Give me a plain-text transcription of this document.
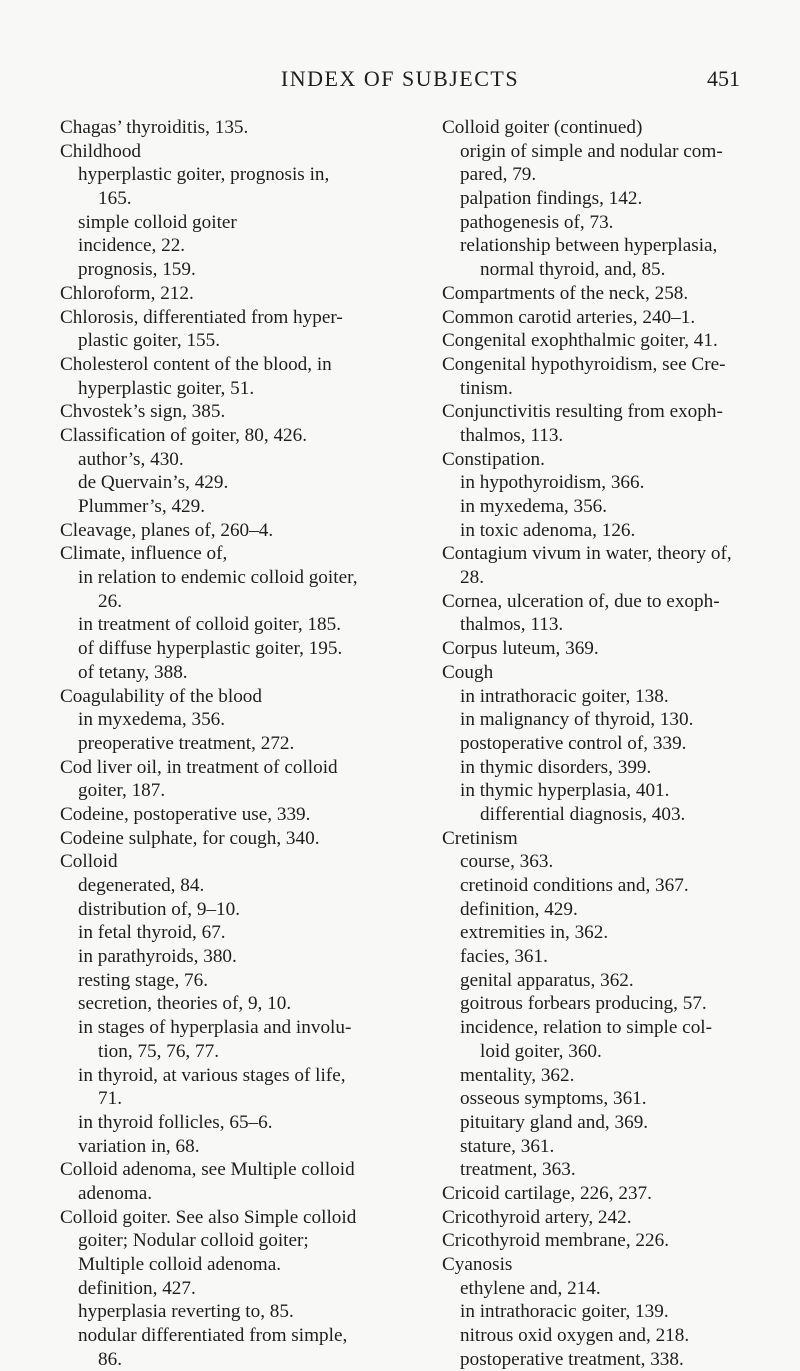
INDEX OF SUBJECTS	451
Chagas’ thyroiditis, 135.
Childhood
hyperplastic goiter, prognosis in,
165.
simple colloid goiter
incidence, 22.
prognosis, 159.
Chloroform, 212.
Chlorosis, differentiated from hyper-
plastic goiter, 155.
Cholesterol content of the blood, in
hyperplastic goiter, 51.
Chvostek’s sign, 385.
Classification of goiter, 80, 426.
author’s, 430.
de Quervain’s, 429.
Plummer’s, 429.
Cleavage, planes of, 260–4.
Climate, influence of,
in relation to endemic colloid goiter,
26.
in treatment of colloid goiter, 185.
of diffuse hyperplastic goiter, 195.
of tetany, 388.
Coagulability of the blood
in myxedema, 356.
preoperative treatment, 272.
Cod liver oil, in treatment of colloid
goiter, 187.
Codeine, postoperative use, 339.
Codeine sulphate, for cough, 340.
Colloid
degenerated, 84.
distribution of, 9–10.
in fetal thyroid, 67.
in parathyroids, 380.
resting stage, 76.
secretion, theories of, 9, 10.
in stages of hyperplasia and involu-
tion, 75, 76, 77.
in thyroid, at various stages of life,
71.
in thyroid follicles, 65–6.
variation in, 68.
Colloid adenoma, see Multiple colloid
adenoma.
Colloid goiter. See also Simple colloid
goiter; Nodular colloid goiter;
Multiple colloid adenoma.
definition, 427.
hyperplasia reverting to, 85.
nodular differentiated from simple,
86.
Colloid goiter (continued)
origin of simple and nodular com-
pared, 79.
palpation findings, 142.
pathogenesis of, 73.
relationship between hyperplasia,
normal thyroid, and, 85.
Compartments of the neck, 258.
Common carotid arteries, 240–1.
Congenital exophthalmic goiter, 41.
Congenital hypothyroidism, see Cre-
tinism.
Conjunctivitis resulting from exoph-
thalmos, 113.
Constipation.
in hypothyroidism, 366.
in myxedema, 356.
in toxic adenoma, 126.
Contagium vivum in water, theory of,
28.
Cornea, ulceration of, due to exoph-
thalmos, 113.
Corpus luteum, 369.
Cough
in intrathoracic goiter, 138.
in malignancy of thyroid, 130.
postoperative control of, 339.
in thymic disorders, 399.
in thymic hyperplasia, 401.
differential diagnosis, 403.
Cretinism
course, 363.
cretinoid conditions and, 367.
definition, 429.
extremities in, 362.
facies, 361.
genital apparatus, 362.
goitrous forbears producing, 57.
incidence, relation to simple col-
loid goiter, 360.
mentality, 362.
osseous symptoms, 361.
pituitary gland and, 369.
stature, 361.
treatment, 363.
Cricoid cartilage, 226, 237.
Cricothyroid artery, 242.
Cricothyroid membrane, 226.
Cyanosis
ethylene and, 214.
in intrathoracic goiter, 139.
nitrous oxid oxygen and, 218.
postoperative treatment, 338.
